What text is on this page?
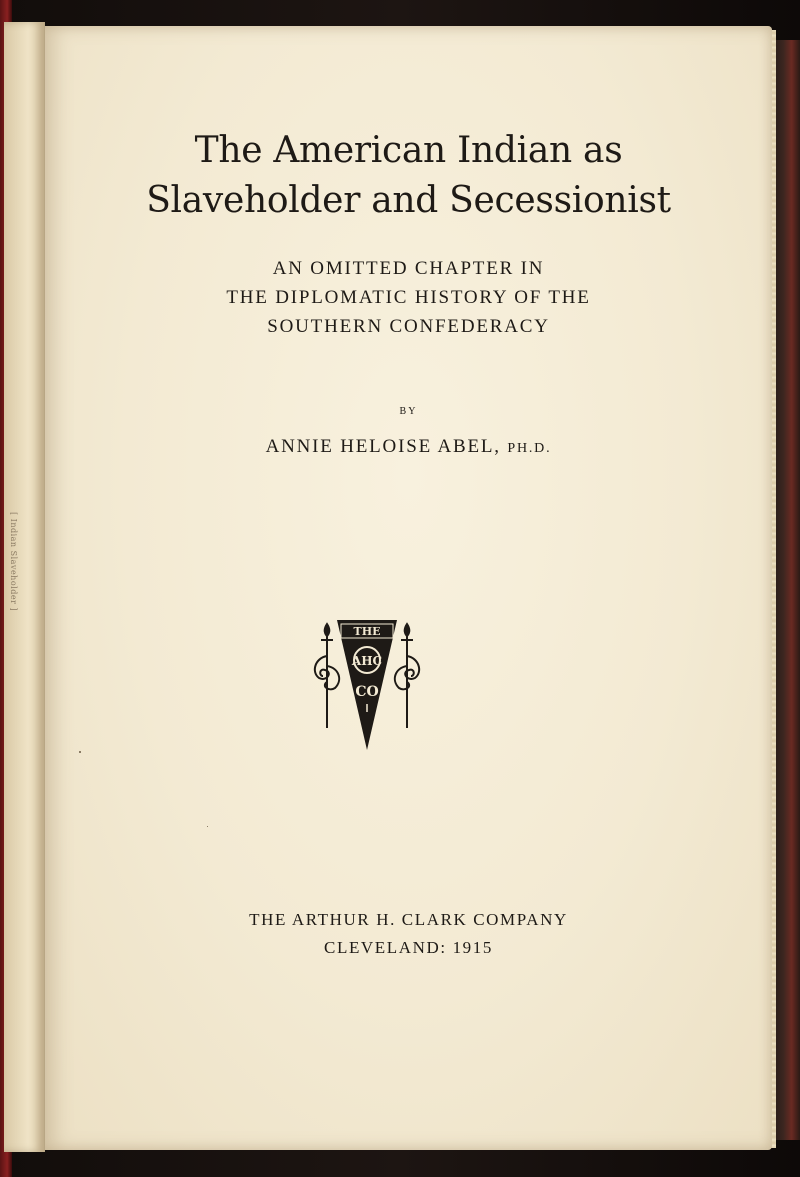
[ Indian Slaveholder ]
The American Indian as
Slaveholder and Secessionist
AN OMITTED CHAPTER IN
THE DIPLOMATIC HISTORY OF THE
SOUTHERN CONFEDERACY
BY
ANNIE HELOISE ABEL, PH.D.
THE
AHC
CO
THE ARTHUR H. CLARK COMPANY
CLEVELAND: 1915
